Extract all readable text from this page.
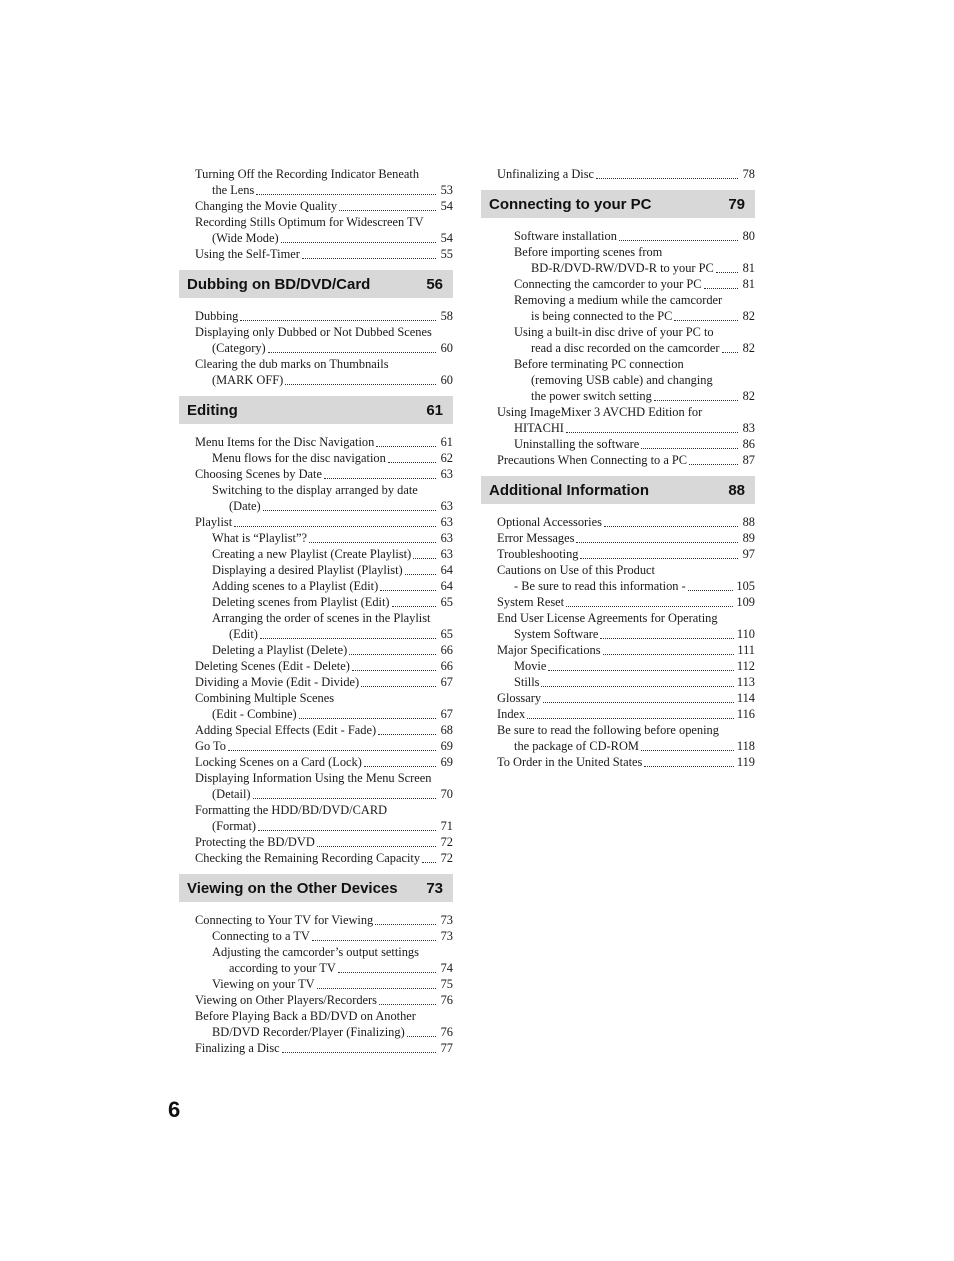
Turning Off the Recording Indicator Beneath
the Lens	53
Changing the Movie Quality	54
Recording Stills Optimum for Widescreen TV
(Wide Mode)	54
Using the Self-Timer	55
Dubbing on BD/DVD/Card	56
Dubbing	58
Displaying only Dubbed or Not Dubbed Scenes
(Category)	60
Clearing the dub marks on Thumbnails
(MARK OFF)	60
Editing	61
Menu Items for the Disc Navigation	61
Menu flows for the disc navigation	62
Choosing Scenes by Date	63
Switching to the display arranged by date
(Date)	63
Playlist	63
What is “Playlist”?	63
Creating a new Playlist (Create Playlist) 63
Displaying a desired Playlist (Playlist)	64
Adding scenes to a Playlist (Edit)	64
Deleting scenes from Playlist (Edit)	65
Arranging the order of scenes in the Playlist
(Edit)	65
Deleting a Playlist (Delete)	66
Deleting Scenes (Edit - Delete)	66
Dividing a Movie (Edit - Divide)	67
Combining Multiple Scenes
(Edit - Combine)	67
Adding Special Effects (Edit - Fade)	68
Go To	69
Locking Scenes on a Card (Lock)	69
Displaying Information Using the Menu Screen
(Detail)	70
Formatting the HDD/BD/DVD/CARD
(Format)	71
Protecting the BD/DVD	72
Checking the Remaining Recording Capacity 72
Viewing on the Other Devices 73
Connecting to Your TV for Viewing	73
Connecting to a TV	73
Adjusting the camcorder’s output settings
according to your TV	74
Viewing on your TV	75
Viewing on Other Players/Recorders	76
Before Playing Back a BD/DVD on Another
BD/DVD Recorder/Player (Finalizing)	76
Finalizing a Disc	77
Unfinalizing a Disc	78
Connecting to your PC	79
Software installation	80
Before importing scenes from
BD-R/DVD-RW/DVD-R to your PC 81
Connecting the camcorder to your PC	81
Removing a medium while the camcorder
is being connected to the PC	82
Using a built-in disc drive of your PC to
read a disc recorded on the camcorder 82
Before terminating PC connection
(removing USB cable) and changing
the power switch setting	82
Using ImageMixer 3 AVCHD Edition for
HITACHI	83
Uninstalling the software	86
Precautions When Connecting to a PC	87
Additional Information	88
Optional Accessories	88
Error Messages	89
Troubleshooting	97
Cautions on Use of this Product
- Be sure to read this information -	105
System Reset	109
End User License Agreements for Operating
System Software	110
Major Specifications	111
Movie	112
Stills	113
Glossary	114
Index	116
Be sure to read the following before opening
the package of CD-ROM	118
To Order in the United States	119
6
